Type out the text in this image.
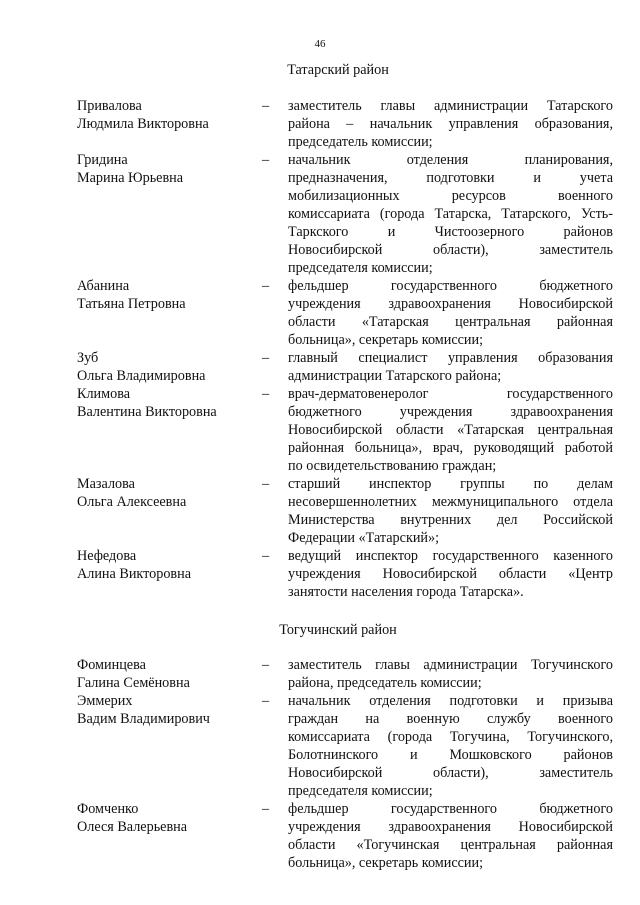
46
Татарский район
Привалова
Людмила Викторовна
–	заместитель главы администрации Татарского
района – начальник управления образования,
председатель комиссии;
Гридина
Марина Юрьевна
–	начальник отделения планирования,
предназначения, подготовки и учета
мобилизационных ресурсов военного
комиссариата (города Татарска, Татарского, Усть-
Таркского и Чистоозерного районов
Новосибирской области), заместитель
председателя комиссии;
Абанина
Татьяна Петровна
–	фельдшер государственного бюджетного
учреждения здравоохранения Новосибирской
области «Татарская центральная районная
больница», секретарь комиссии;
Зуб
Ольга Владимировна
–	главный специалист управления образования
администрации Татарского района;
Климова
Валентина Викторовна
–	врач-дерматовенеролог государственного
бюджетного учреждения здравоохранения
Новосибирской области «Татарская центральная
районная больница», врач, руководящий работой
по освидетельствованию граждан;
Мазалова
Ольга Алексеевна
–	старший инспектор группы по делам
несовершеннолетних межмуниципального отдела
Министерства внутренних дел Российской
Федерации «Татарский»;
Нефедова
Алина Викторовна
–	ведущий инспектор государственного казенного
учреждения Новосибирской области «Центр
занятости населения города Татарска».
Тогучинский район
Фоминцева
Галина Семёновна
–	заместитель главы администрации Тогучинского
района, председатель комиссии;
Эммерих
Вадим Владимирович
–	начальник отделения подготовки и призыва
граждан на военную службу военного
комиссариата (города Тогучина, Тогучинского,
Болотнинского и Мошковского районов
Новосибирской области), заместитель
председателя комиссии;
Фомченко
Олеся Валерьевна
–	фельдшер государственного бюджетного
учреждения здравоохранения Новосибирской
области «Тогучинская центральная районная
больница», секретарь комиссии;
